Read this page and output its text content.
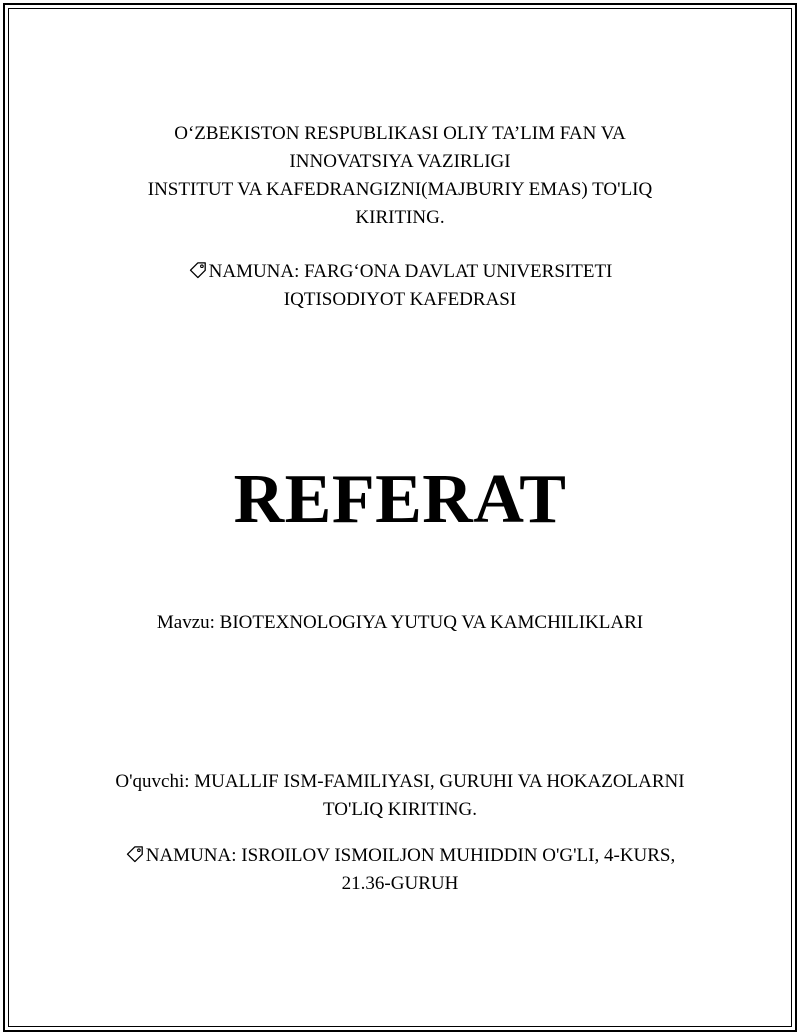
O‘ZBEKISTON RESPUBLIKASI OLIY TA’LIM FAN VA
INNOVATSIYA VAZIRLIGI
INSTITUT VA KAFEDRANGIZNI(MAJBURIY EMAS) TO'LIQ
KIRITING.
NAMUNA: FARG‘ONA DAVLAT UNIVERSITETI
IQTISODIYOT KAFEDRASI
REFERAT
Mavzu: BIOTEXNOLOGIYA YUTUQ VA KAMCHILIKLARI
O'quvchi: MUALLIF ISM-FAMILIYASI, GURUHI VA HOKAZOLARNI
TO'LIQ KIRITING.
NAMUNA: ISROILOV ISMOILJON MUHIDDIN O'G'LI, 4-KURS,
21.36-GURUH
